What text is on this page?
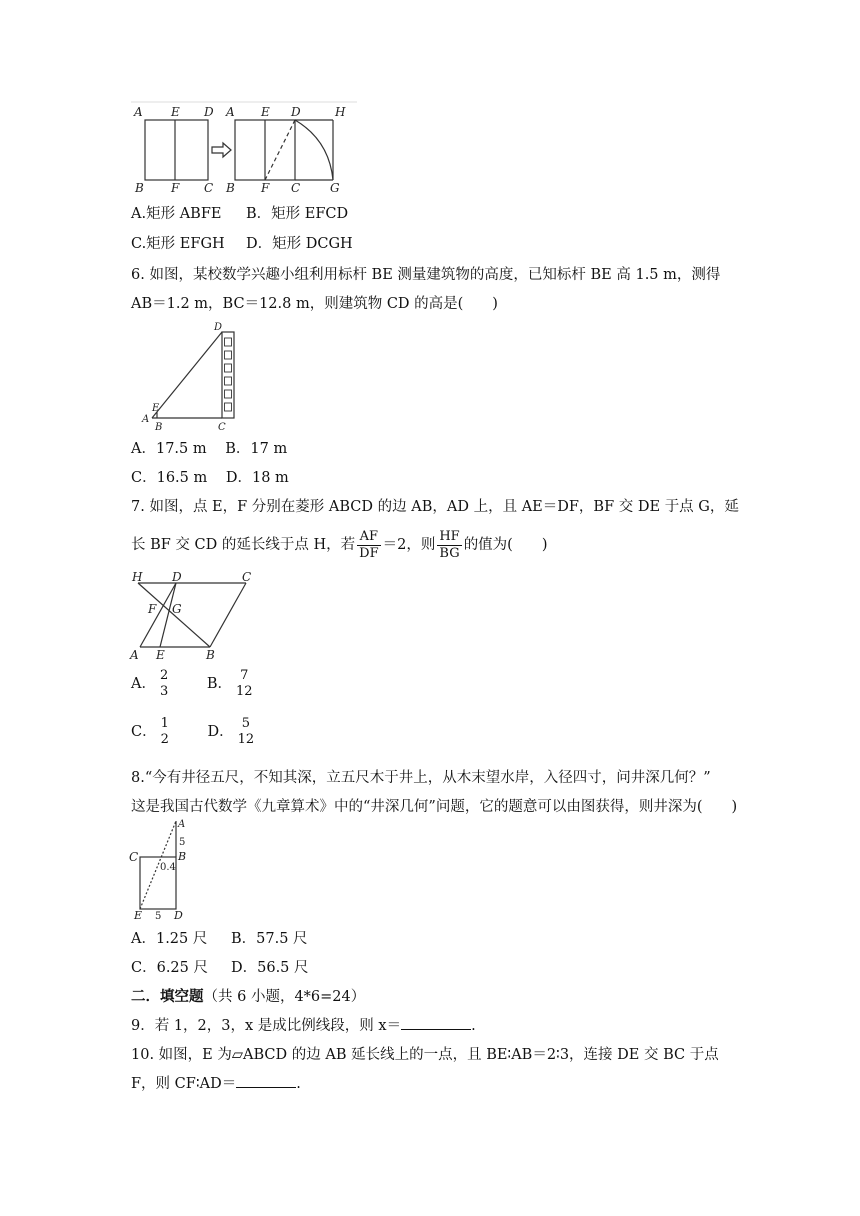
A E D
B F C
A E D	H
B F C G
A.矩形 ABFE B．矩形 EFCD
C.矩形 EFGH D．矩形 DCGH
6. 如图，某校数学兴趣小组利用标杆 BE 测量建筑物的高度，已知标杆 BE 高 1.5 m，测得
AB＝1.2 m，BC＝12.8 m，则建筑物 CD 的高是(　　)
D
E
A
B	C
A．17.5 m B．17 m
C．16.5 m D．18 m
7. 如图，点 E，F 分别在菱形 ABCD 的边 AB，AD 上，且 AE＝DF，BF 交 DE 于点 G，延
长 BF 交 CD 的延长线于点 H，若 $\frac{AF}{DF} =2$，则 $\frac{HF}{BG}$ 的值为(　　)
H D	C
F G
A E	B
A．
2
3	B．
7
12
C．
1
2	D．
5
12
8.“今有井径五尺，不知其深，立五尺木于井上，从木末望水岸，入径四寸，问井深几何？”
这是我国古代数学《九章算术》中的“井深几何”问题，它的题意可以由图获得，则井深为(　　)
A
5
C	B
0.4
E 5 D
A．1.25 尺 B．57.5 尺
C．6.25 尺 D．56.5 尺
二．填空题（共 6 小题，4*6=24）
9．若 1，2，3，x 是成比例线段，则 x＝	.
10. 如图，E 为▱ABCD 的边 AB 延长线上的一点，且 BE∶AB＝2∶3，连接 DE 交 BC 于点
F，则 CF∶AD＝	.
